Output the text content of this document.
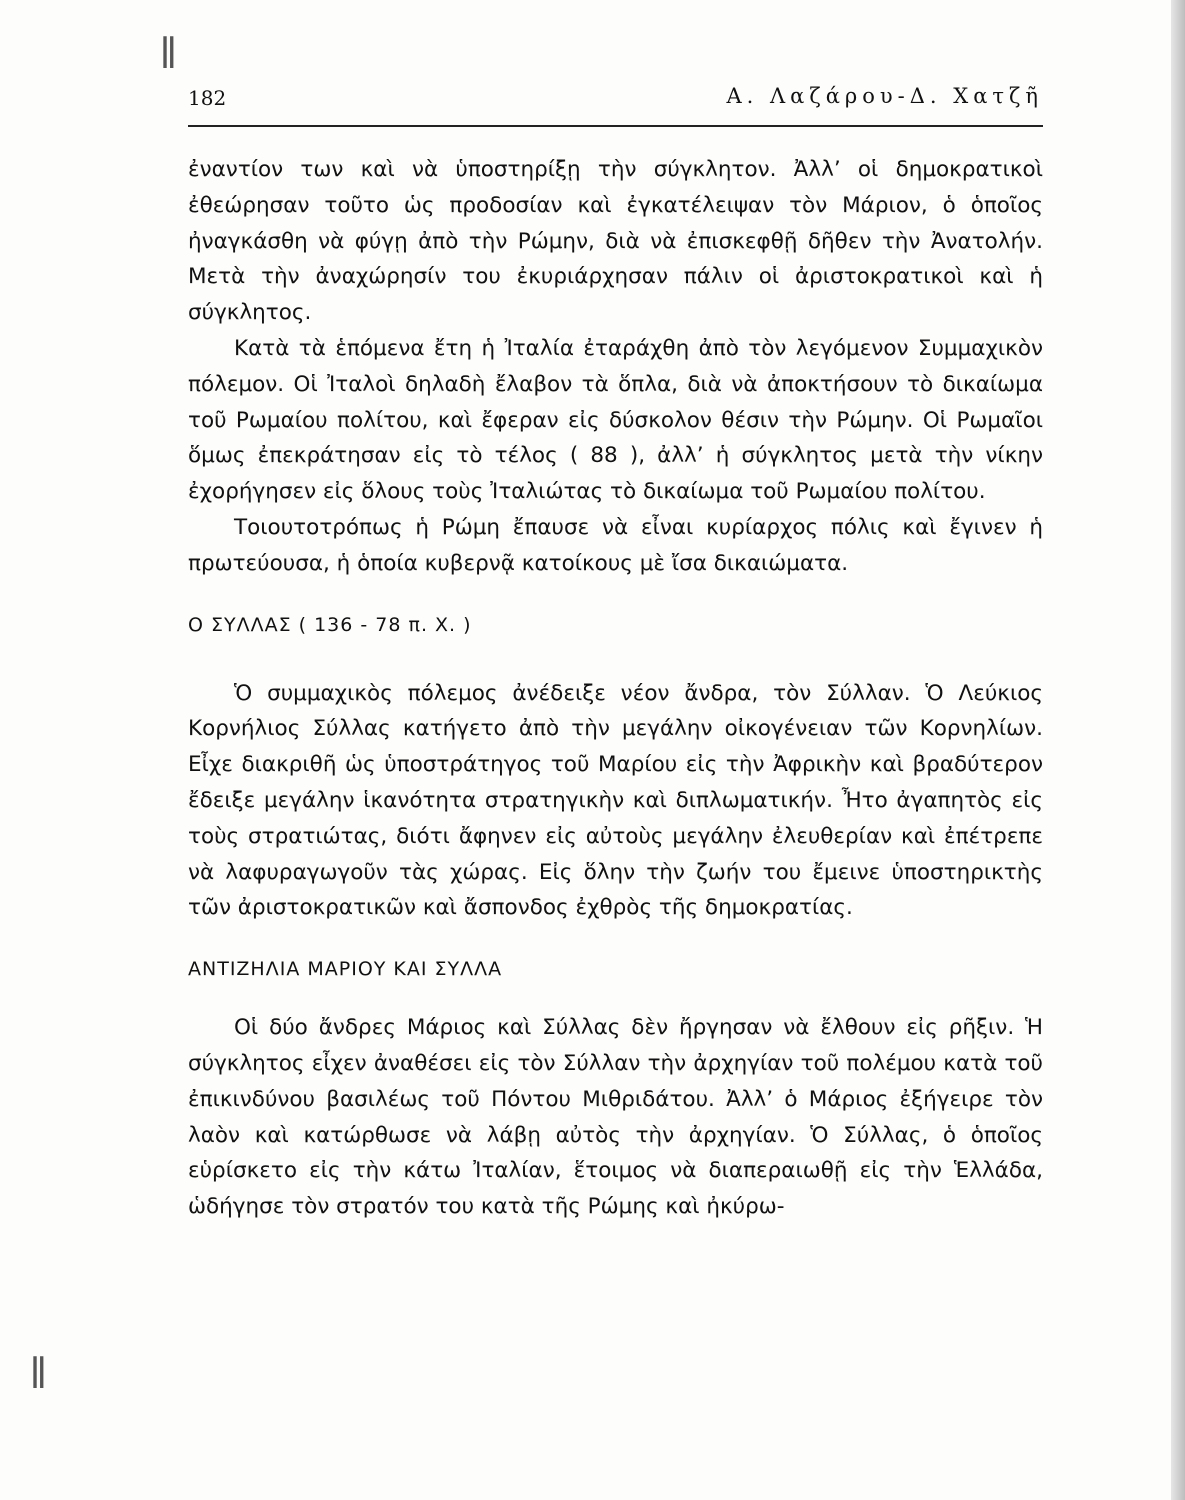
ǁ
ǁ
182	Α. Λαζάρου-Δ. Χατζῆ

ἐναντίον των καὶ νὰ ὑποστηρίξῃ τὴν σύγκλητον. Ἀλλ’ οἱ δημοκρατικοὶ ἐθεώρησαν τοῦτο ὡς προδοσίαν καὶ ἐγκατέλειψαν τὸν Μάριον, ὁ ὁποῖος ἠναγκάσθη νὰ φύγῃ ἀπὸ τὴν Ρώμην, διὰ νὰ ἐπισκεφθῇ δῆθεν τὴν Ἀνατολήν. Μετὰ τὴν ἀναχώρησίν του ἐκυριάρχησαν πάλιν οἱ ἀριστοκρατικοὶ καὶ ἡ σύγκλητος.

Κατὰ τὰ ἑπόμενα ἔτη ἡ Ἰταλία ἐταράχθη ἀπὸ τὸν λεγόμενον Συμμαχικὸν πόλεμον. Οἱ Ἰταλοὶ δηλαδὴ ἔλαβον τὰ ὅπλα, διὰ νὰ ἀποκτήσουν τὸ δικαίωμα τοῦ Ρωμαίου πολίτου, καὶ ἔφεραν εἰς δύσκολον θέσιν τὴν Ρώμην. Οἱ Ρωμαῖοι ὅμως ἐπεκράτησαν εἰς τὸ τέλος ( 88 ), ἀλλ’ ἡ σύγκλητος μετὰ τὴν νίκην ἐχορήγησεν εἰς ὅλους τοὺς Ἰταλιώτας τὸ δικαίωμα τοῦ Ρωμαίου πολίτου.

Τοιουτοτρόπως ἡ Ρώμη ἔπαυσε νὰ εἶναι κυρίαρχος πόλις καὶ ἔγινεν ἡ πρωτεύουσα, ἡ ὁποία κυβερνᾷ κατοίκους μὲ ἴσα δικαιώματα.

Ο ΣΥΛΛΑΣ ( 136 - 78 π. Χ. )

Ὁ συμμαχικὸς πόλεμος ἀνέδειξε νέον ἄνδρα, τὸν Σύλλαν. Ὁ Λεύκιος Κορνήλιος Σύλλας κατήγετο ἀπὸ τὴν μεγάλην οἰκογένειαν τῶν Κορνηλίων. Εἶχε διακριθῆ ὡς ὑποστράτηγος τοῦ Μαρίου εἰς τὴν Ἀφρικὴν καὶ βραδύτερον ἔδειξε μεγάλην ἱκανότητα στρατηγικὴν καὶ διπλωματικήν. Ἦτο ἀγαπητὸς εἰς τοὺς στρατιώτας, διότι ἄφηνεν εἰς αὐτοὺς μεγάλην ἐλευθερίαν καὶ ἐπέτρεπε νὰ λαφυραγωγοῦν τὰς χώρας. Εἰς ὅλην τὴν ζωήν του ἔμεινε ὑποστηρικτὴς τῶν ἀριστοκρατικῶν καὶ ἄσπονδος ἐχθρὸς τῆς δημοκρατίας.

ΑΝΤΙΖΗΛΙΑ ΜΑΡΙΟΥ ΚΑΙ ΣΥΛΛΑ

Οἱ δύο ἄνδρες Μάριος καὶ Σύλλας δὲν ἤργησαν νὰ ἔλθουν εἰς ρῆξιν. Ἡ σύγκλητος εἶχεν ἀναθέσει εἰς τὸν Σύλλαν τὴν ἀρχηγίαν τοῦ πολέμου κατὰ τοῦ ἐπικινδύνου βασιλέως τοῦ Πόντου Μιθριδάτου. Ἀλλ’ ὁ Μάριος ἐξήγειρε τὸν λαὸν καὶ κατώρθωσε νὰ λάβῃ αὐτὸς τὴν ἀρχηγίαν. Ὁ Σύλλας, ὁ ὁποῖος εὑρίσκετο εἰς τὴν κάτω Ἰταλίαν, ἕτοιμος νὰ διαπεραιωθῇ εἰς τὴν Ἑλλάδα, ὡδήγησε τὸν στρατόν του κατὰ τῆς Ρώμης καὶ ἠκύρω-
